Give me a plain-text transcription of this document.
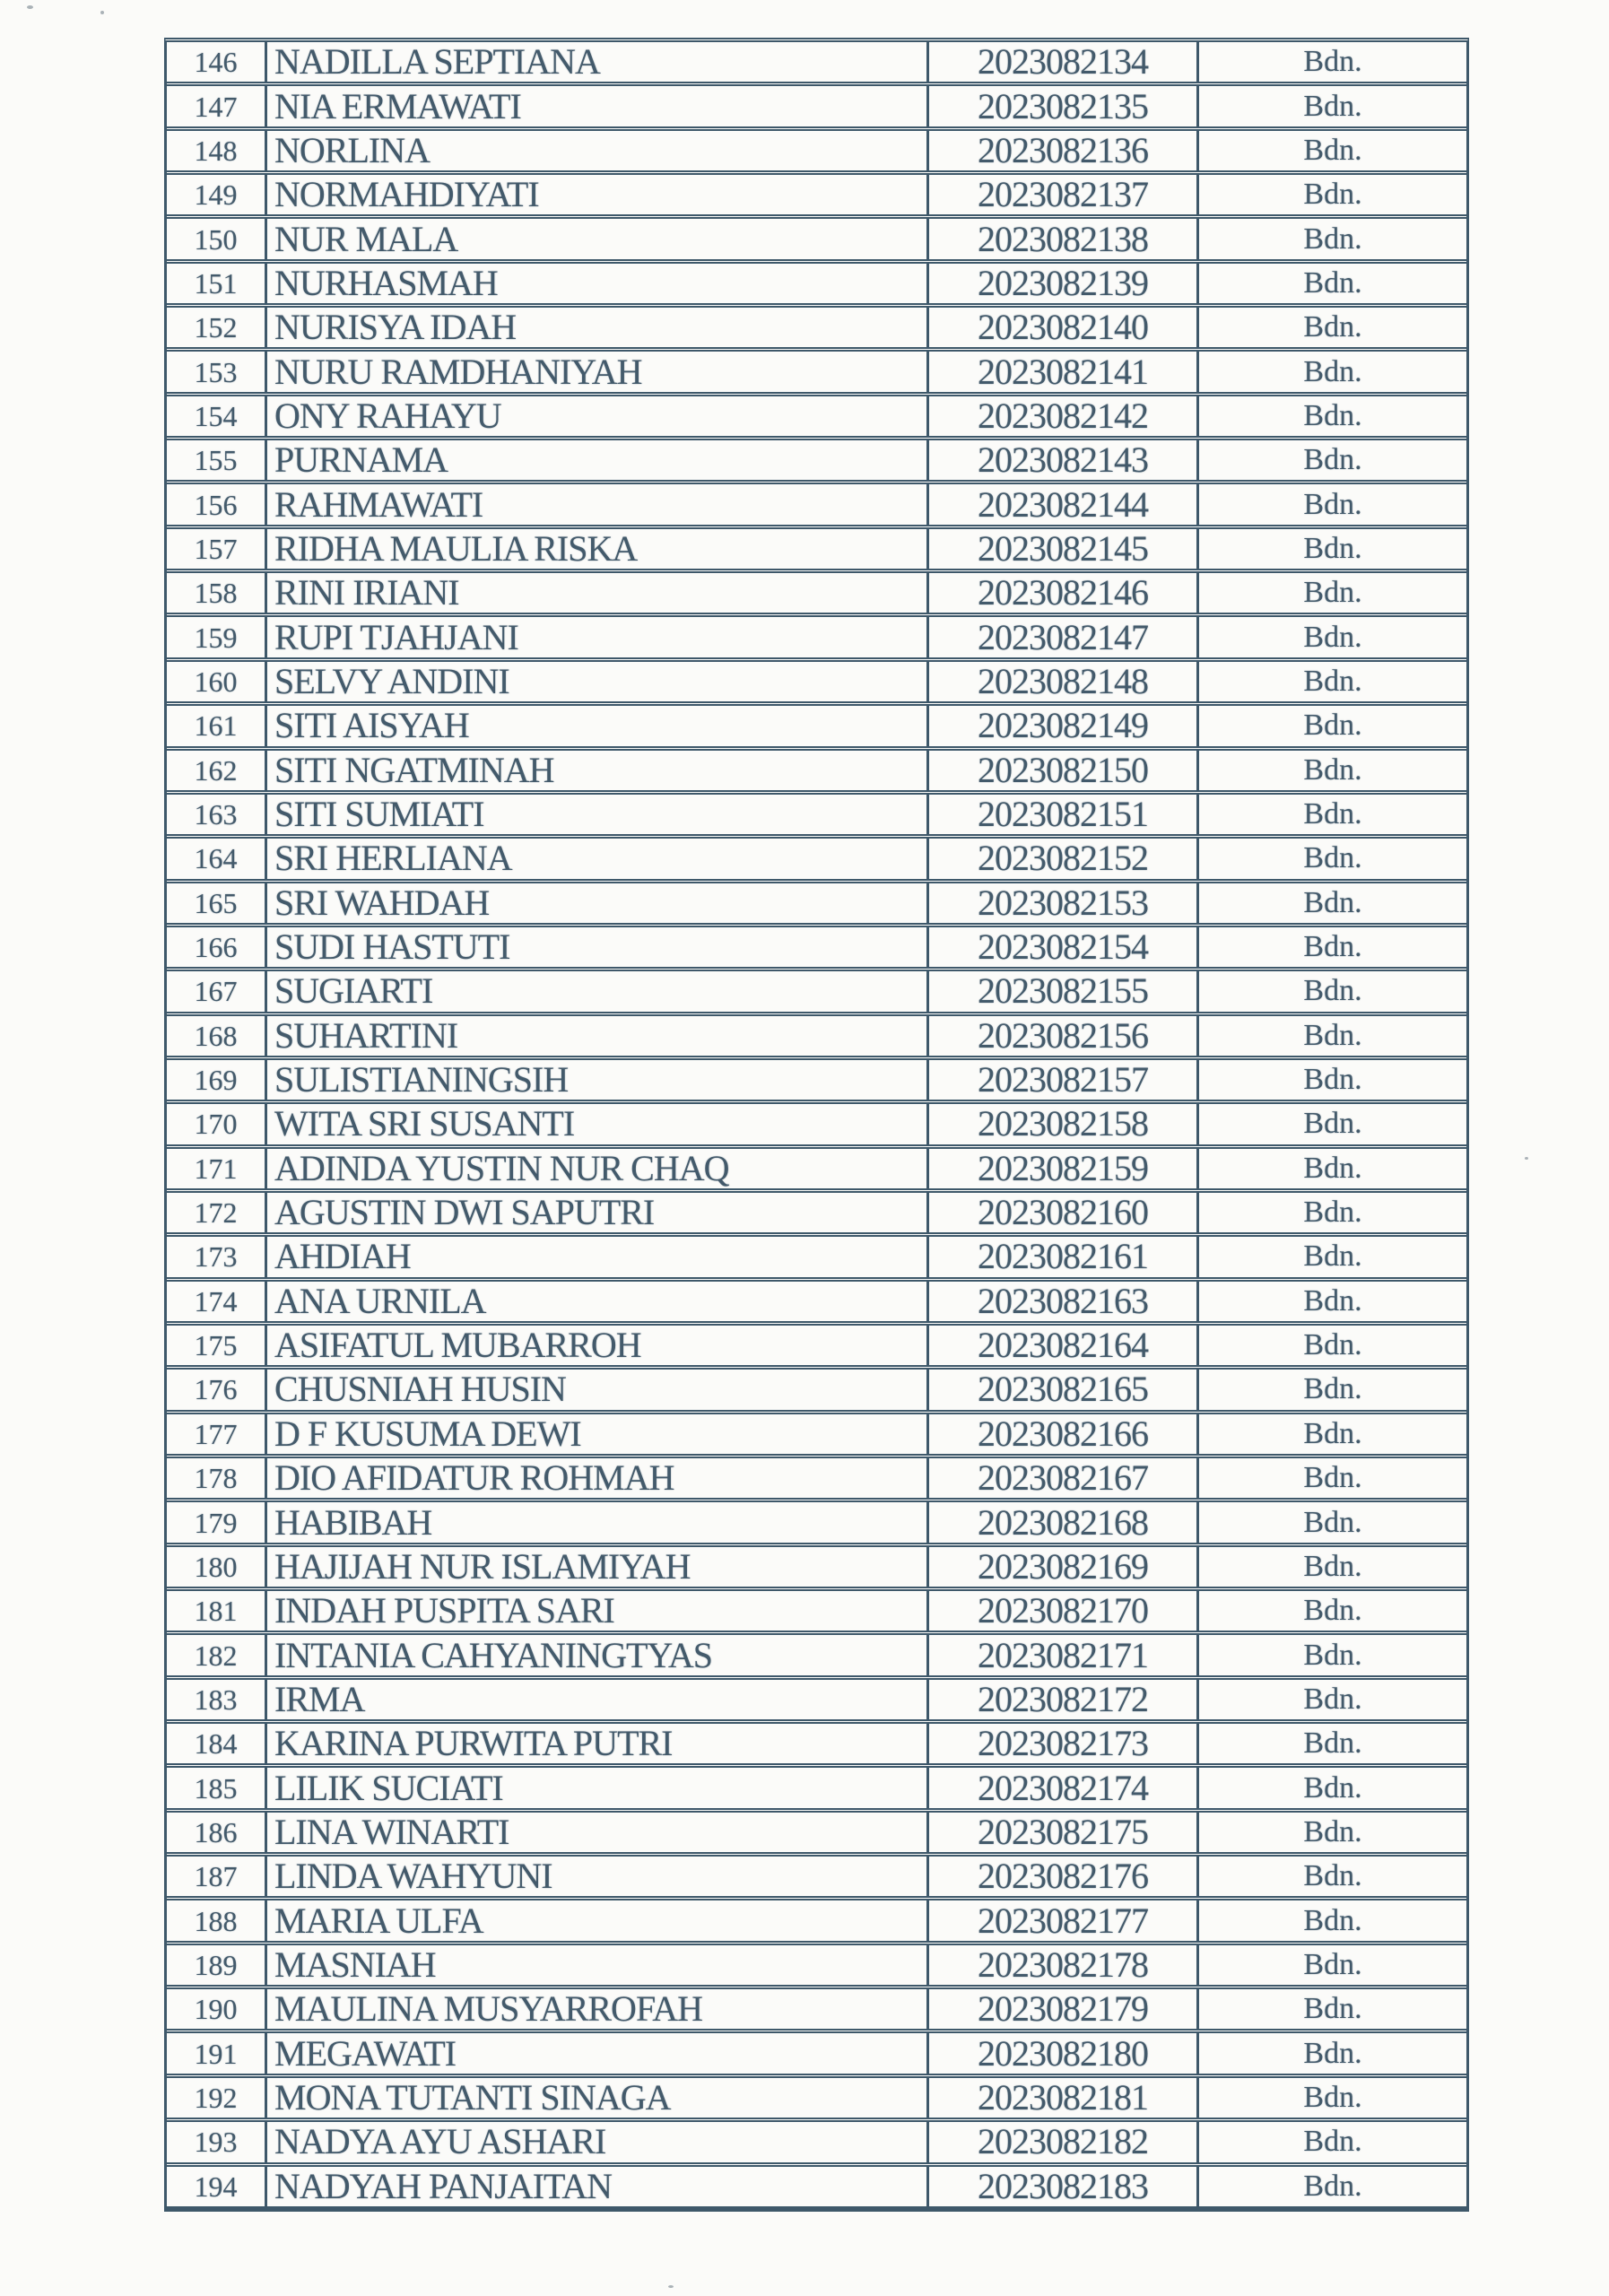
146	NADILLA SEPTIANA	2023082134	Bdn.
147	NIA ERMAWATI	2023082135	Bdn.
148	NORLINA	2023082136	Bdn.
149	NORMAHDIYATI	2023082137	Bdn.
150	NUR MALA	2023082138	Bdn.
151	NURHASMAH	2023082139	Bdn.
152	NURISYA IDAH	2023082140	Bdn.
153	NURU RAMDHANIYAH	2023082141	Bdn.
154	ONY RAHAYU	2023082142	Bdn.
155	PURNAMA	2023082143	Bdn.
156	RAHMAWATI	2023082144	Bdn.
157	RIDHA MAULIA RISKA	2023082145	Bdn.
158	RINI IRIANI	2023082146	Bdn.
159	RUPI TJAHJANI	2023082147	Bdn.
160	SELVY ANDINI	2023082148	Bdn.
161	SITI AISYAH	2023082149	Bdn.
162	SITI NGATMINAH	2023082150	Bdn.
163	SITI SUMIATI	2023082151	Bdn.
164	SRI HERLIANA	2023082152	Bdn.
165	SRI WAHDAH	2023082153	Bdn.
166	SUDI HASTUTI	2023082154	Bdn.
167	SUGIARTI	2023082155	Bdn.
168	SUHARTINI	2023082156	Bdn.
169	SULISTIANINGSIH	2023082157	Bdn.
170	WITA SRI SUSANTI	2023082158	Bdn.
171	ADINDA YUSTIN NUR CHAQ	2023082159	Bdn.
172	AGUSTIN DWI SAPUTRI	2023082160	Bdn.
173	AHDIAH	2023082161	Bdn.
174	ANA URNILA	2023082163	Bdn.
175	ASIFATUL MUBARROH	2023082164	Bdn.
176	CHUSNIAH HUSIN	2023082165	Bdn.
177	D F KUSUMA DEWI	2023082166	Bdn.
178	DIO AFIDATUR ROHMAH	2023082167	Bdn.
179	HABIBAH	2023082168	Bdn.
180	HAJIJAH NUR ISLAMIYAH	2023082169	Bdn.
181	INDAH PUSPITA SARI	2023082170	Bdn.
182	INTANIA CAHYANINGTYAS	2023082171	Bdn.
183	IRMA	2023082172	Bdn.
184	KARINA PURWITA PUTRI	2023082173	Bdn.
185	LILIK SUCIATI	2023082174	Bdn.
186	LINA WINARTI	2023082175	Bdn.
187	LINDA WAHYUNI	2023082176	Bdn.
188	MARIA ULFA	2023082177	Bdn.
189	MASNIAH	2023082178	Bdn.
190	MAULINA MUSYARROFAH	2023082179	Bdn.
191	MEGAWATI	2023082180	Bdn.
192	MONA TUTANTI SINAGA	2023082181	Bdn.
193	NADYA AYU ASHARI	2023082182	Bdn.
194	NADYAH PANJAITAN	2023082183	Bdn.
